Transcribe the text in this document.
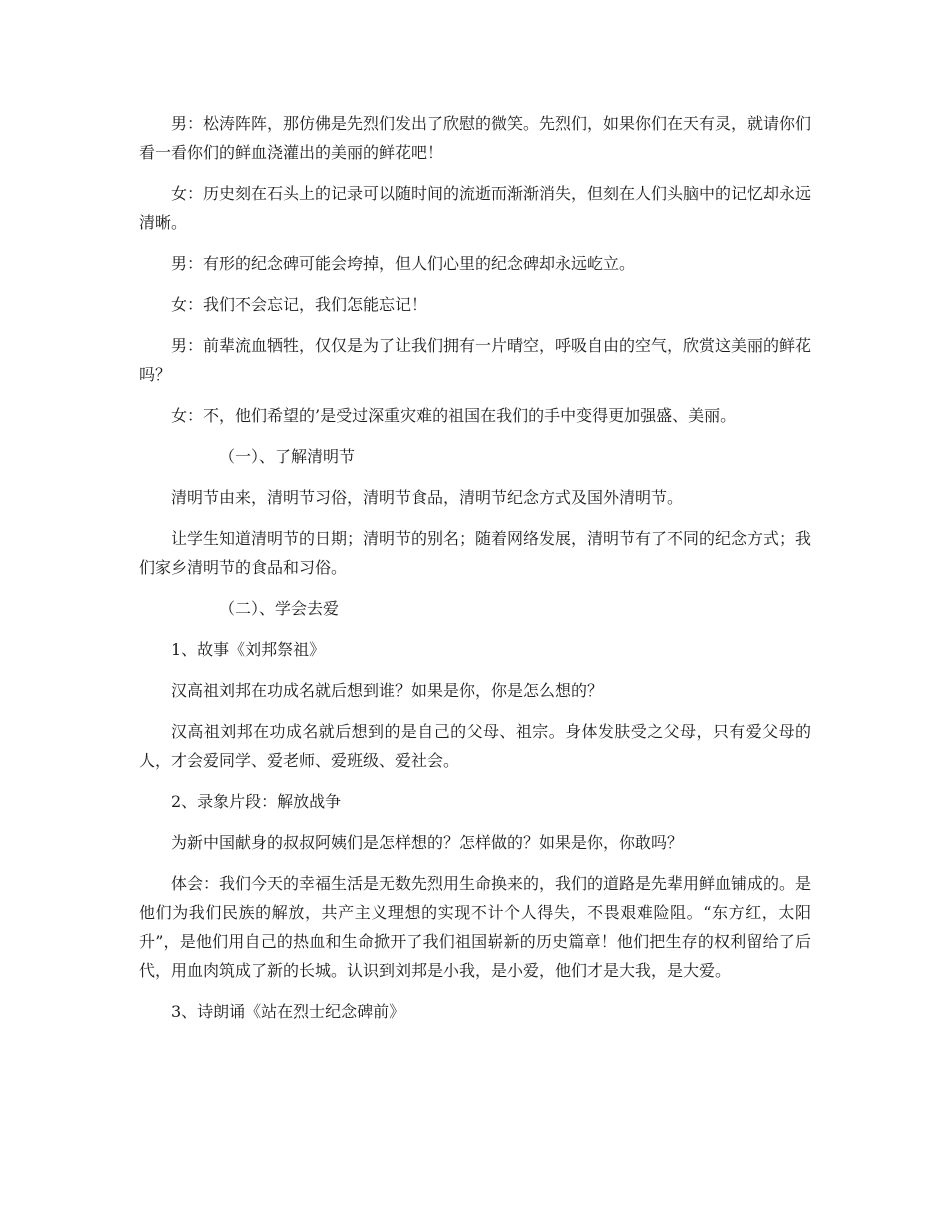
男：松涛阵阵，那仿佛是先烈们发出了欣慰的微笑。先烈们，如果你们在天有灵，就请你们看一看你们的鲜血浇灌出的美丽的鲜花吧！

女：历史刻在石头上的记录可以随时间的流逝而渐渐消失，但刻在人们头脑中的记忆却永远清晰。

男：有形的纪念碑可能会垮掉，但人们心里的纪念碑却永远屹立。

女：我们不会忘记，我们怎能忘记！

男：前辈流血牺牲，仅仅是为了让我们拥有一片晴空，呼吸自由的空气，欣赏这美丽的鲜花吗？

女：不，他们希望的’是受过深重灾难的祖国在我们的手中变得更加强盛、美丽。

（一）、了解清明节

清明节由来，清明节习俗，清明节食品，清明节纪念方式及国外清明节。

让学生知道清明节的日期；清明节的别名；随着网络发展，清明节有了不同的纪念方式；我们家乡清明节的食品和习俗。

（二）、学会去爱

1、故事《刘邦祭祖》

汉高祖刘邦在功成名就后想到谁？如果是你，你是怎么想的？

汉高祖刘邦在功成名就后想到的是自己的父母、祖宗。身体发肤受之父母，只有爱父母的人，才会爱同学、爱老师、爱班级、爱社会。

2、录象片段：解放战争

为新中国献身的叔叔阿姨们是怎样想的？怎样做的？如果是你，你敢吗？

体会：我们今天的幸福生活是无数先烈用生命换来的，我们的道路是先辈用鲜血铺成的。是他们为我们民族的解放，共产主义理想的实现不计个人得失，不畏艰难险阻。“东方红，太阳升”，是他们用自己的热血和生命掀开了我们祖国崭新的历史篇章！他们把生存的权利留给了后代，用血肉筑成了新的长城。认识到刘邦是小我，是小爱，他们才是大我，是大爱。

3、诗朗诵《站在烈士纪念碑前》
